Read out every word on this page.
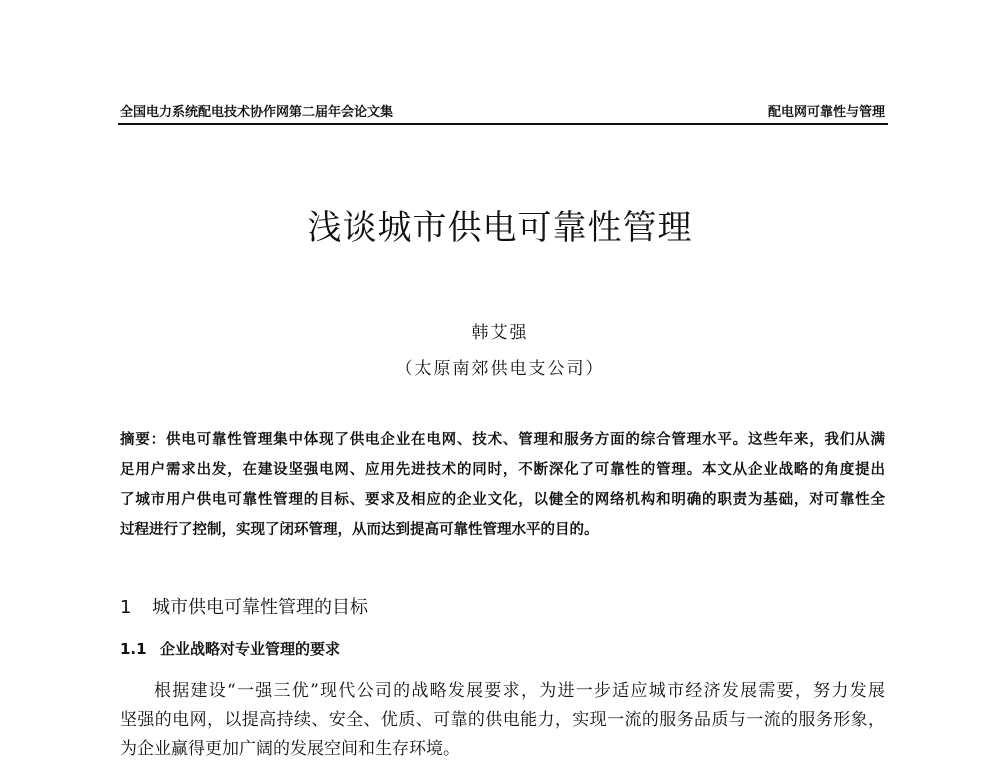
全国电力系统配电技术协作网第二届年会论文集	配电网可靠性与管理
浅谈城市供电可靠性管理
韩艾强
（太原南郊供电支公司）
摘要：供电可靠性管理集中体现了供电企业在电网、技术、管理和服务方面的综合管理水平。这些年来，我们从满
足用户需求出发，在建设坚强电网、应用先进技术的同时，不断深化了可靠性的管理。本文从企业战略的角度提出
了城市用户供电可靠性管理的目标、要求及相应的企业文化，以健全的网络机构和明确的职责为基础，对可靠性全
过程进行了控制，实现了闭环管理，从而达到提高可靠性管理水平的目的。
1 城市供电可靠性管理的目标
1.1 企业战略对专业管理的要求
根据建设“一强三优”现代公司的战略发展要求，为进一步适应城市经济发展需要，努力发展
坚强的电网，以提高持续、安全、优质、可靠的供电能力，实现一流的服务品质与一流的服务形象，
为企业赢得更加广阔的发展空间和生存环境。
